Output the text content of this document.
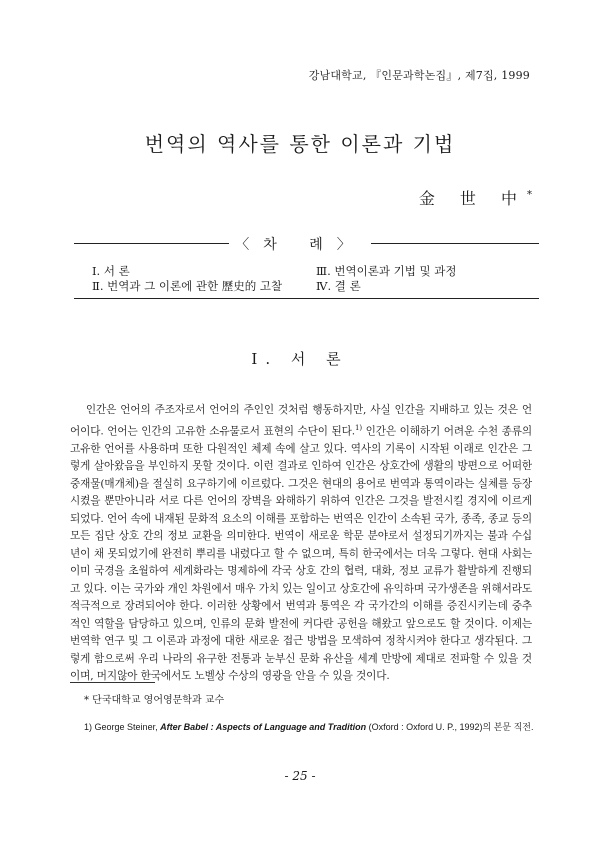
강남대학교, 『인문과학논집』, 제7집, 1999
번역의 역사를 통한 이론과 기법
金 世 中*
〈차 례〉
Ⅰ. 서 론
Ⅱ. 번역과 그 이론에 관한 歷史的 고찰
Ⅲ. 번역이론과 기법 및 과정
Ⅳ. 결 론
Ⅰ. 서 론
인간은 언어의 주조자로서 언어의 주인인 것처럼 행동하지만, 사실 인간을 지배하고 있는 것은 언어이다. 언어는 인간의 고유한 소유물로서 표현의 수단이 된다.$^{1)}$ 인간은 이해하기 어려운 수천 종류의 고유한 언어를 사용하며 또한 다원적인 체제 속에 살고 있다. 역사의 기록이 시작된 이래로 인간은 그렇게 살아왔음을 부인하지 못할 것이다. 이런 결과로 인하여 인간은 상호간에 생활의 방편으로 어떠한 중재물(매개체)을 절실히 요구하기에 이르렀다. 그것은 현대의 용어로 번역과 통역이라는 실체를 등장시켰을 뿐만아니라 서로 다른 언어의 장벽을 와해하기 위하여 인간은 그것을 발전시킬 경지에 이르게 되었다. 언어 속에 내재된 문화적 요소의 이해를 포함하는 번역은 인간이 소속된 국가, 종족, 종교 등의 모든 집단 상호 간의 정보 교환을 의미한다. 번역이 새로운 학문 분야로서 설정되기까지는 불과 수십 년이 채 못되었기에 완전히 뿌리를 내렸다고 할 수 없으며, 특히 한국에서는 더욱 그렇다. 현대 사회는 이미 국경을 초월하여 세계화라는 명제하에 각국 상호 간의 협력, 대화, 정보 교류가 활발하게 진행되고 있다. 이는 국가와 개인 차원에서 매우 가치 있는 일이고 상호간에 유익하며 국가생존을 위해서라도 적극적으로 장려되어야 한다. 이러한 상황에서 번역과 통역은 각 국가간의 이해를 증진시키는데 중추적인 역할을 담당하고 있으며, 인류의 문화 발전에 커다란 공헌을 해왔고 앞으로도 할 것이다. 이제는 번역학 연구 및 그 이론과 과정에 대한 새로운 접근 방법을 모색하여 정착시켜야 한다고 생각된다. 그렇게 함으로써 우리 나라의 유구한 전통과 눈부신 문화 유산을 세계 만방에 제대로 전파할 수 있을 것이며, 머지않아 한국에서도 노벨상 수상의 영광을 안을 수 있을 것이다.
* 단국대학교 영어영문학과 교수
1) George Steiner, After Babel : Aspects of Language and Tradition (Oxford : Oxford U. P., 1992)의 본문 직전.
- 25 -
